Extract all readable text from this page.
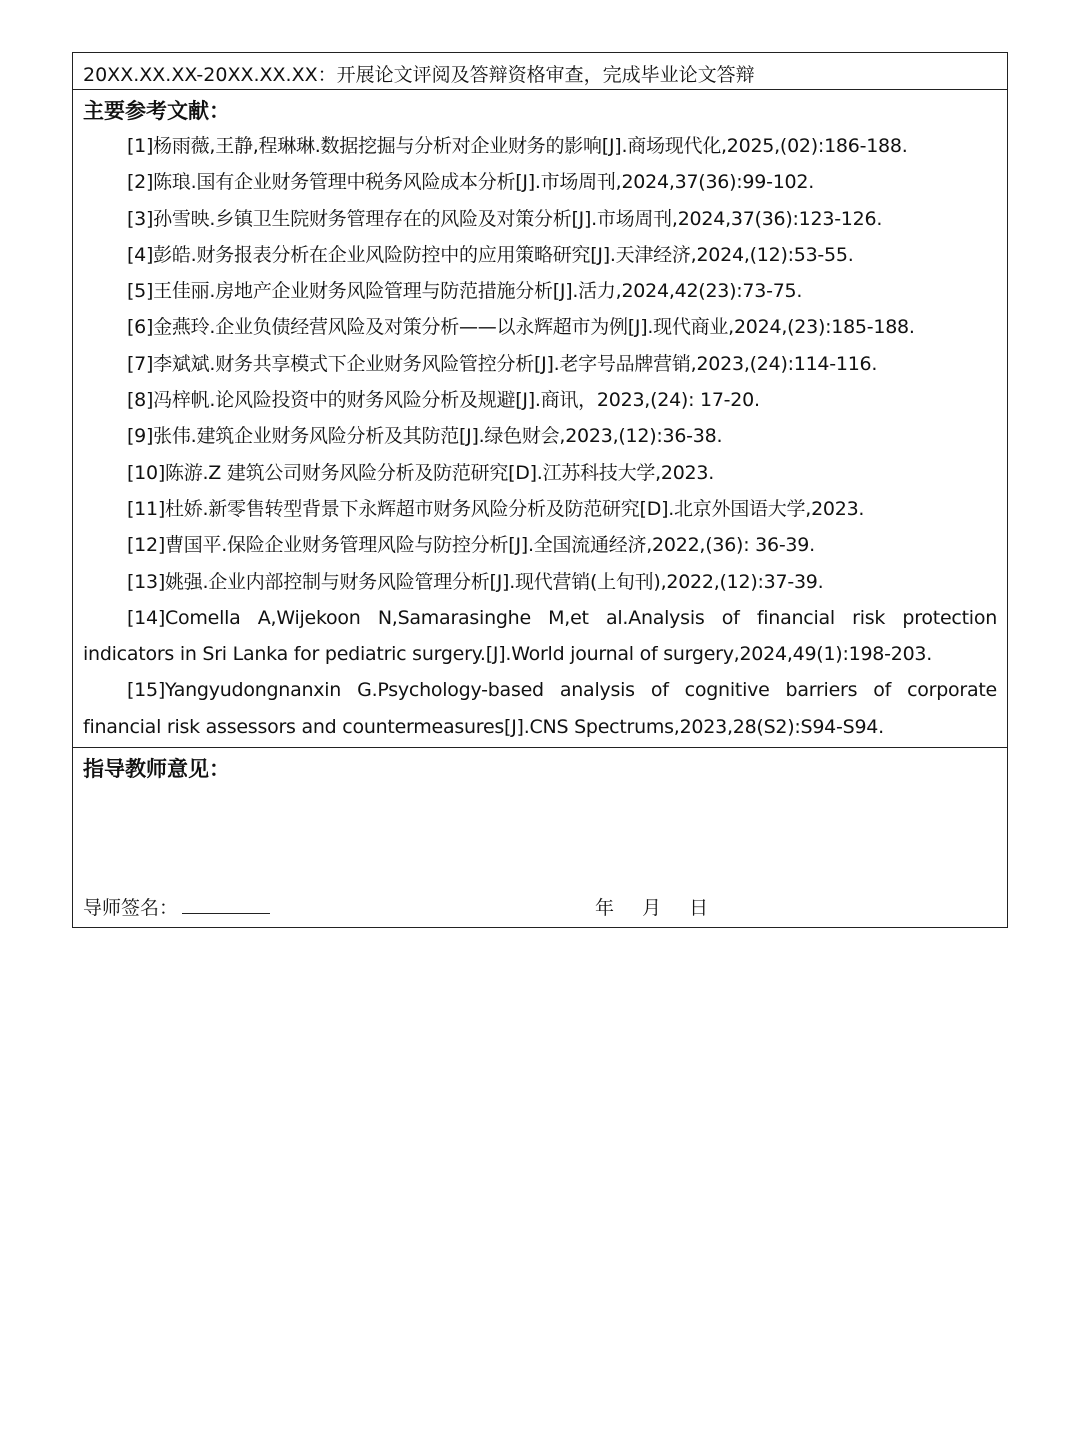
20XX.XX.XX-20XX.XX.XX：开展论文评阅及答辩资格审查，完成毕业论文答辩
主要参考文献：
[1]杨雨薇,王静,程琳琳.数据挖掘与分析对企业财务的影响[J].商场现代化,2025,(02):186-188.
[2]陈琅.国有企业财务管理中税务风险成本分析[J].市场周刊,2024,37(36):99-102.
[3]孙雪映.乡镇卫生院财务管理存在的风险及对策分析[J].市场周刊,2024,37(36):123-126.
[4]彭皓.财务报表分析在企业风险防控中的应用策略研究[J].天津经济,2024,(12):53-55.
[5]王佳丽.房地产企业财务风险管理与防范措施分析[J].活力,2024,42(23):73-75.
[6]金燕玲.企业负债经营风险及对策分析——以永辉超市为例[J].现代商业,2024,(23):185-188.
[7]李斌斌.财务共享模式下企业财务风险管控分析[J].老字号品牌营销,2023,(24):114-116.
[8]冯梓帆.论风险投资中的财务风险分析及规避[J].商讯，2023,(24): 17-20.
[9]张伟.建筑企业财务风险分析及其防范[J].绿色财会,2023,(12):36-38.
[10]陈游.Z 建筑公司财务风险分析及防范研究[D].江苏科技大学,2023.
[11]杜娇.新零售转型背景下永辉超市财务风险分析及防范研究[D].北京外国语大学,2023.
[12]曹国平.保险企业财务管理风险与防控分析[J].全国流通经济,2022,(36): 36-39.
[13]姚强.企业内部控制与财务风险管理分析[J].现代营销(上旬刊),2022,(12):37-39.
[14]Comella A,Wijekoon N,Samarasinghe M,et al.Analysis of financial risk protection indicators in Sri Lanka for pediatric surgery.[J].World journal of surgery,2024,49(1):198-203.
[15]Yangyudongnanxin G.Psychology-based analysis of cognitive barriers of corporate financial risk assessors and countermeasures[J].CNS Spectrums,2023,28(S2):S94-S94.
指导教师意见：
导师签名：	年 月 日
